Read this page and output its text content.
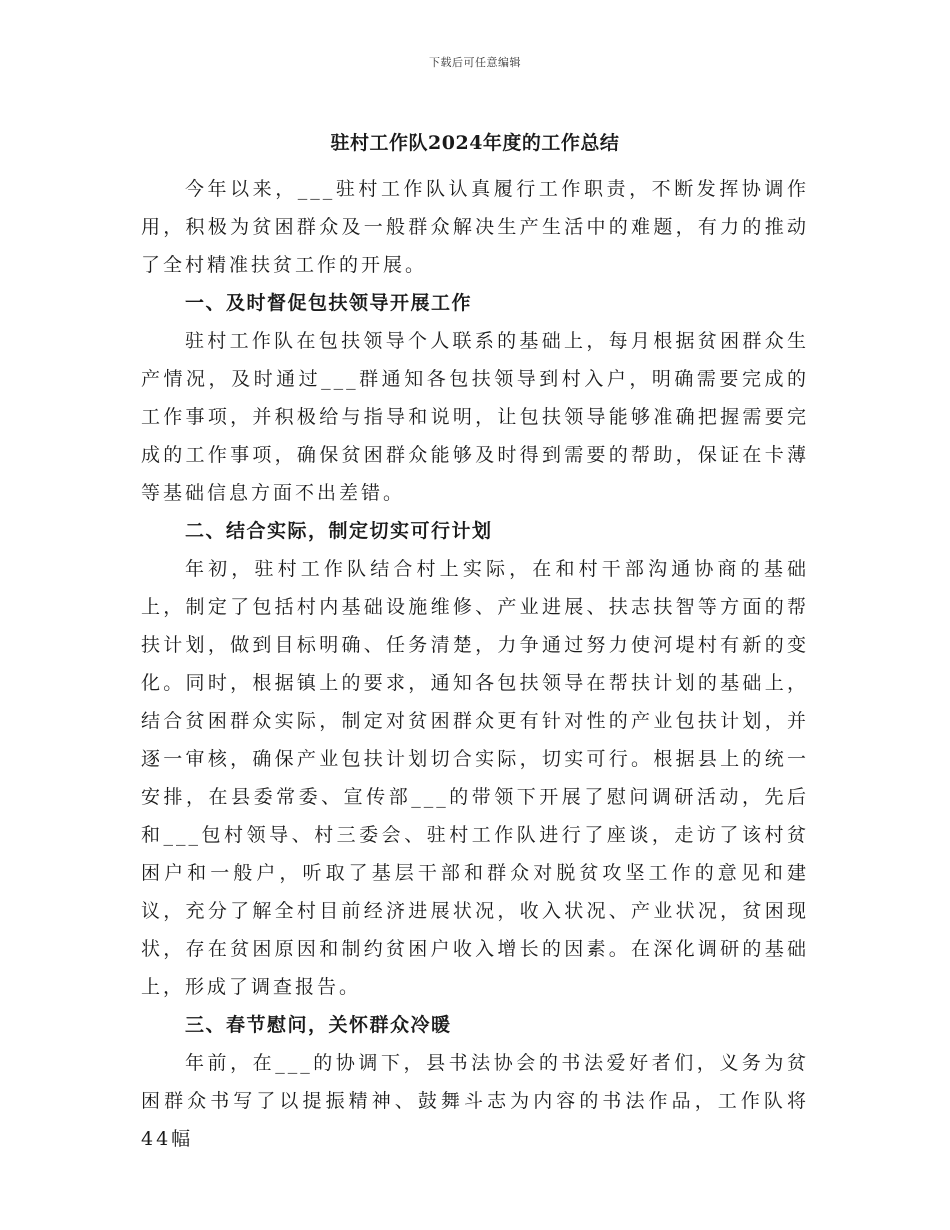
下载后可任意编辑
驻村工作队2024年度的工作总结

今年以来，___驻村工作队认真履行工作职责，不断发挥协调作用，积极为贫困群众及一般群众解决生产生活中的难题，有力的推动了全村精准扶贫工作的开展。

一、及时督促包扶领导开展工作

驻村工作队在包扶领导个人联系的基础上，每月根据贫困群众生产情况，及时通过___群通知各包扶领导到村入户，明确需要完成的工作事项，并积极给与指导和说明，让包扶领导能够准确把握需要完成的工作事项，确保贫困群众能够及时得到需要的帮助，保证在卡薄等基础信息方面不出差错。

二、结合实际，制定切实可行计划

年初，驻村工作队结合村上实际，在和村干部沟通协商的基础上，制定了包括村内基础设施维修、产业进展、扶志扶智等方面的帮扶计划，做到目标明确、任务清楚，力争通过努力使河堤村有新的变化。同时，根据镇上的要求，通知各包扶领导在帮扶计划的基础上，结合贫困群众实际，制定对贫困群众更有针对性的产业包扶计划，并逐一审核，确保产业包扶计划切合实际，切实可行。根据县上的统一安排，在县委常委、宣传部___的带领下开展了慰问调研活动，先后和___包村领导、村三委会、驻村工作队进行了座谈，走访了该村贫困户和一般户，听取了基层干部和群众对脱贫攻坚工作的意见和建议，充分了解全村目前经济进展状况，收入状况、产业状况，贫困现状，存在贫困原因和制约贫困户收入增长的因素。在深化调研的基础上，形成了调查报告。

三、春节慰问，关怀群众冷暖

年前，在___的协调下，县书法协会的书法爱好者们，义务为贫困群众书写了以提振精神、鼓舞斗志为内容的书法作品，工作队将44幅
